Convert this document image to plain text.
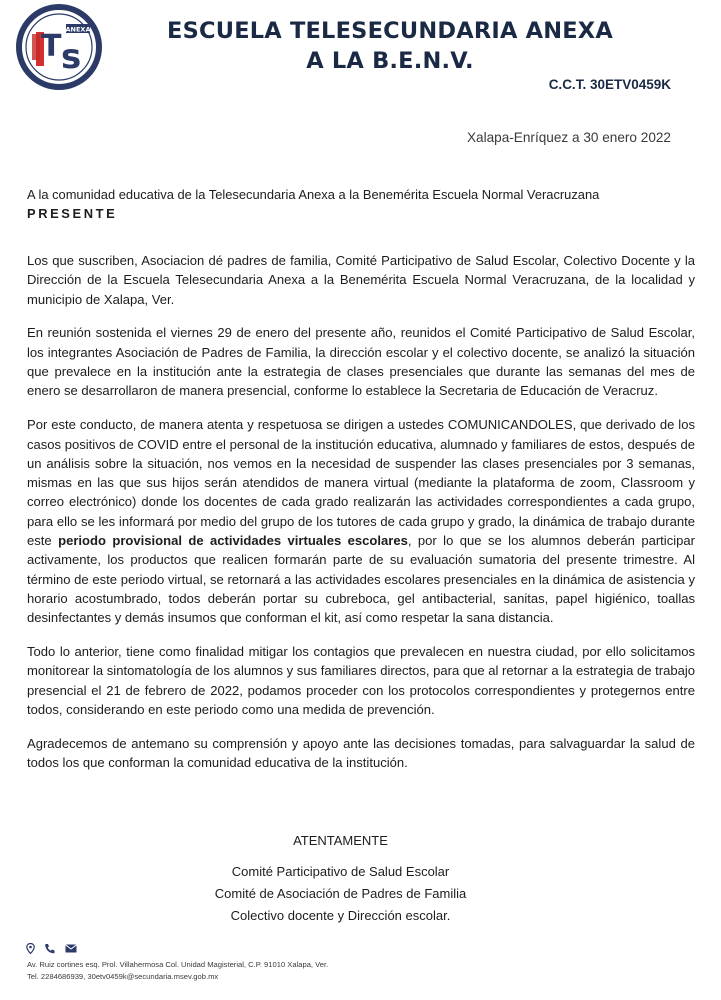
T s
ANEXA	ESCUELA TELESECUNDARIA ANEXA
A LA B.E.N.V.
C.C.T. 30ETV0459K
Xalapa-Enríquez a 30 enero 2022
A la comunidad educativa de la Telesecundaria Anexa a la Benemérita Escuela Normal Veracruzana
PRESENTE

Los que suscriben, Asociacion dé padres de familia, Comité Participativo de Salud Escolar, Colectivo Docente y la Dirección de la Escuela Telesecundaria Anexa a la Benemérita Escuela Normal Veracruzana, de la localidad y municipio de Xalapa, Ver.

En reunión sostenida el viernes 29 de enero del presente año, reunidos el Comité Participativo de Salud Escolar, los integrantes Asociación de Padres de Familia, la dirección escolar y el colectivo docente, se analizó la situación que prevalece en la institución ante la estrategia de clases presenciales que durante las semanas del mes de enero se desarrollaron de manera presencial, conforme lo establece la Secretaria de Educación de Veracruz.

Por este conducto, de manera atenta y respetuosa se dirigen a ustedes COMUNICANDOLES, que derivado de los casos positivos de COVID entre el personal de la institución educativa, alumnado y familiares de estos, después de un análisis sobre la situación, nos vemos en la necesidad de suspender las clases presenciales por 3 semanas, mismas en las que sus hijos serán atendidos de manera virtual (mediante la plataforma de zoom, Classroom y correo electrónico) donde los docentes de cada grado realizarán las actividades correspondientes a cada grupo, para ello se les informará por medio del grupo de los tutores de cada grupo y grado, la dinámica de trabajo durante este periodo provisional de actividades virtuales escolares, por lo que se los alumnos deberán participar activamente, los productos que realicen formarán parte de su evaluación sumatoria del presente trimestre. Al término de este periodo virtual, se retornará a las actividades escolares presenciales en la dinámica de asistencia y horario acostumbrado, todos deberán portar su cubreboca, gel antibacterial, sanitas, papel higiénico, toallas desinfectantes y demás insumos que conforman el kit, así como respetar la sana distancia.

Todo lo anterior, tiene como finalidad mitigar los contagios que prevalecen en nuestra ciudad, por ello solicitamos monitorear la sintomatología de los alumnos y sus familiares directos, para que al retornar a la estrategia de trabajo presencial el 21 de febrero de 2022, podamos proceder con los protocolos correspondientes y protegernos entre todos, considerando en este periodo como una medida de prevención.

Agradecemos de antemano su comprensión y apoyo ante las decisiones tomadas, para salvaguardar la salud de todos los que conforman la comunidad educativa de la institución.

ATENTAMENTE
Comité Participativo de Salud Escolar
Comité de Asociación de Padres de Familia
Colectivo docente y Dirección escolar.
Av. Ruiz cortines esq. Prol. Villahermosa Col. Unidad Magisterial, C.P. 91010 Xalapa, Ver.
Tel. 2284686939, 30etv0459k@secundaria.msev.gob.mx
